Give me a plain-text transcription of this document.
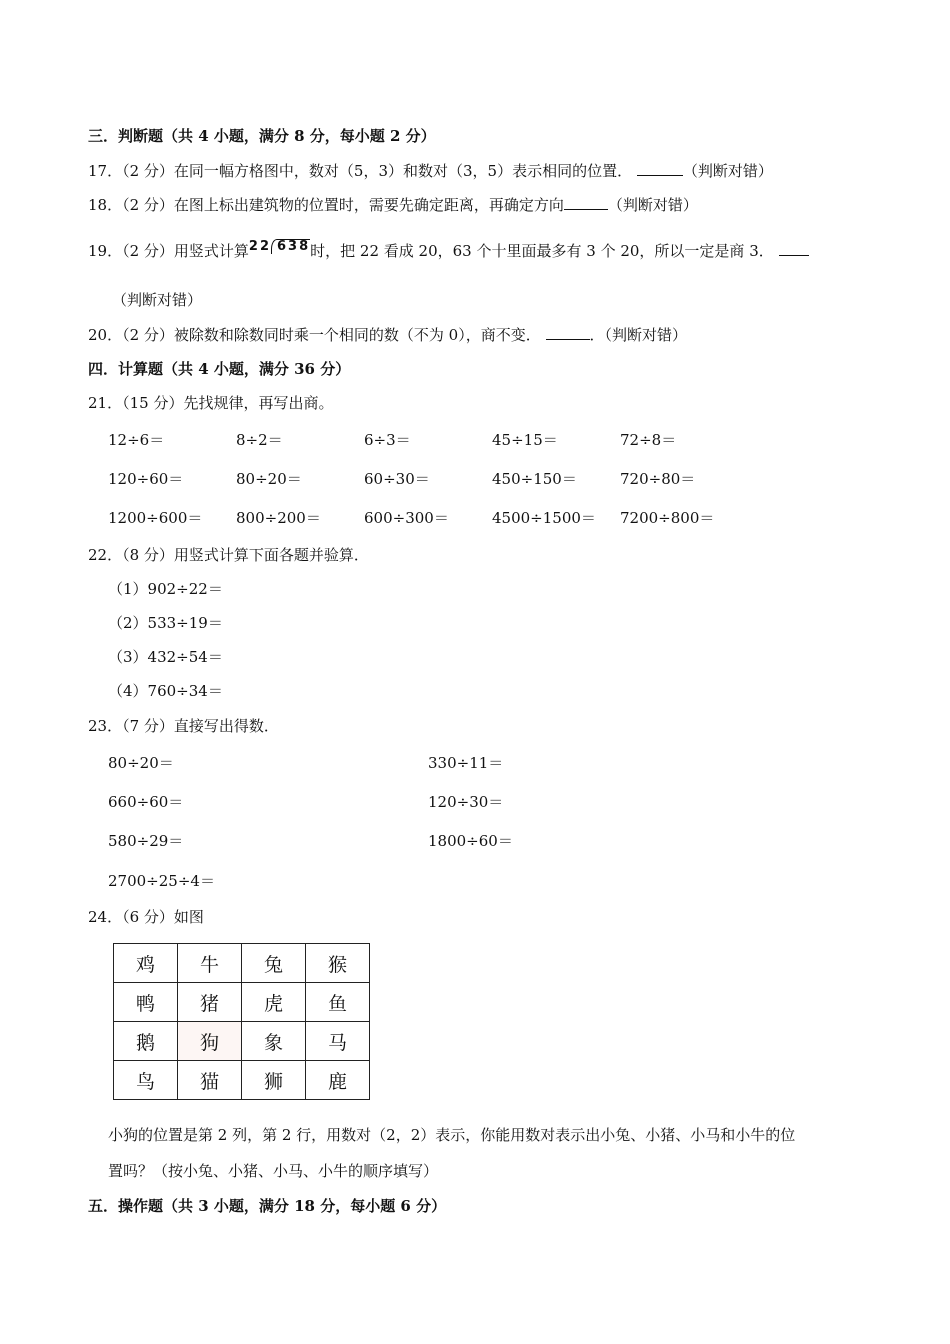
三．判断题（共 4 小题，满分 8 分，每小题 2 分）
17．（2 分）在同一幅方格图中，数对（5，3）和数对（3，5）表示相同的位置．	（判断对错）
18．（2 分）在图上标出建筑物的位置时，需要先确定距离，再确定方向	（判断对错）
19．（2 分）用竖式计算22 638时，把 22 看成 20，63 个十里面最多有 3 个 20，所以一定是商 3．
（判断对错）
20．（2 分）被除数和除数同时乘一个相同的数（不为 0），商不变．	．（判断对错）
四．计算题（共 4 小题，满分 36 分）
21．（15 分）先找规律，再写出商。
12÷6＝	8÷2＝	6÷3＝	45÷15＝	72÷8＝
120÷60＝	80÷20＝	60÷30＝	450÷150＝	720÷80＝
1200÷600＝ 800÷200＝	600÷300＝	4500÷1500＝ 7200÷800＝
22．（8 分）用竖式计算下面各题并验算．
（1）902÷22＝
（2）533÷19＝
（3）432÷54＝
（4）760÷34＝
23．（7 分）直接写出得数．
80÷20＝	330÷11＝
660÷60＝	120÷30＝
580÷29＝	1800÷60＝
2700÷25÷4＝
24．（6 分）如图
鸡	牛	兔	猴
鸭	猪	虎	鱼
鹅	狗	象	马
鸟	猫	狮	鹿
小狗的位置是第 2 列，第 2 行，用数对（2，2）表示，你能用数对表示出小兔、小猪、小马和小牛的位
置吗？（按小兔、小猪、小马、小牛的顺序填写）
五．操作题（共 3 小题，满分 18 分，每小题 6 分）
